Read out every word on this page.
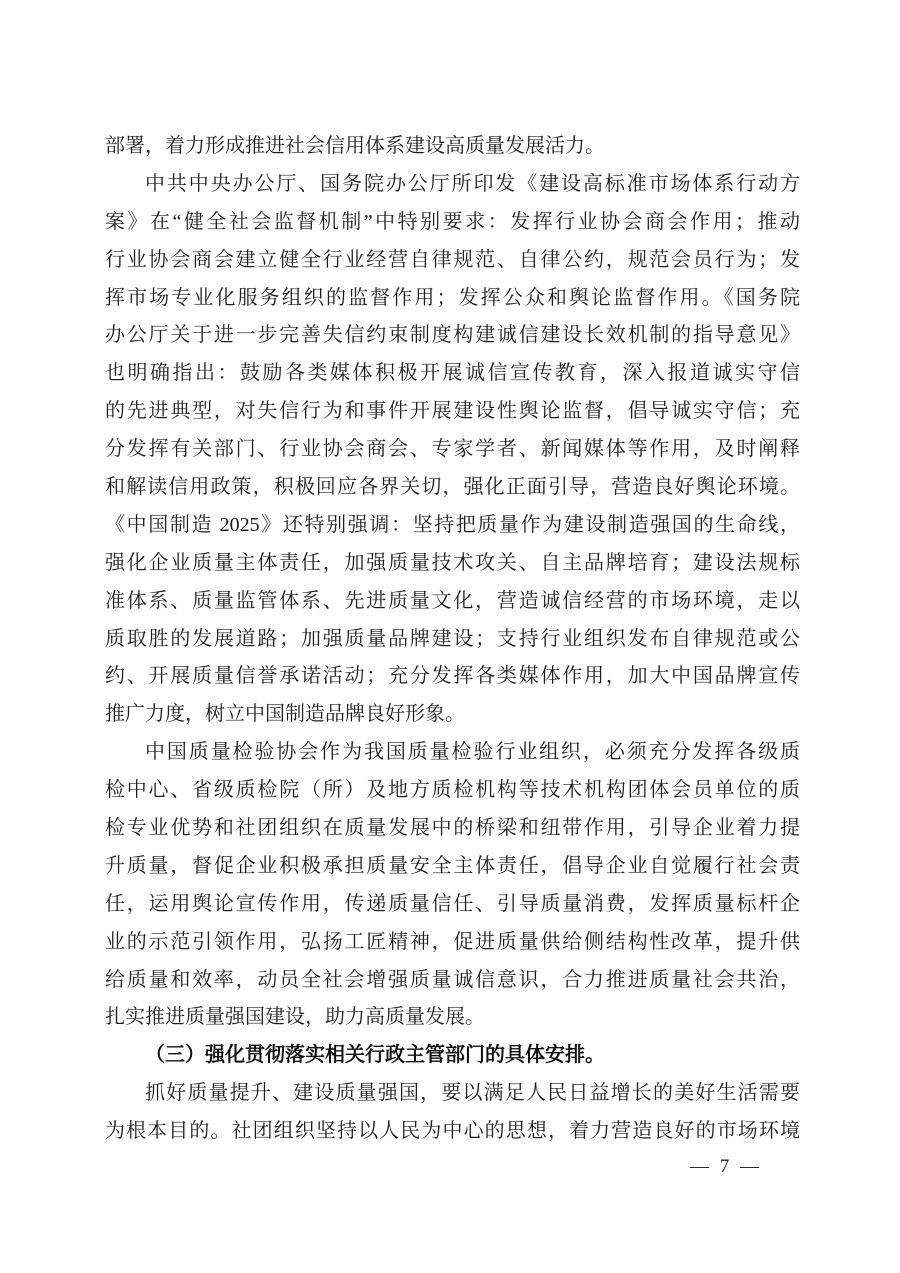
部署，着力形成推进社会信用体系建设高质量发展活力。
中共中央办公厅、国务院办公厅所印发《建设高标准市场体系行动方
案》在“健全社会监督机制”中特别要求：发挥行业协会商会作用；推动
行业协会商会建立健全行业经营自律规范、自律公约，规范会员行为；发
挥市场专业化服务组织的监督作用；发挥公众和舆论监督作用。《国务院
办公厅关于进一步完善失信约束制度构建诚信建设长效机制的指导意见》
也明确指出：鼓励各类媒体积极开展诚信宣传教育，深入报道诚实守信
的先进典型，对失信行为和事件开展建设性舆论监督，倡导诚实守信；充
分发挥有关部门、行业协会商会、专家学者、新闻媒体等作用，及时阐释
和解读信用政策，积极回应各界关切，强化正面引导，营造良好舆论环境。
《中国制造 2025》还特别强调：坚持把质量作为建设制造强国的生命线，
强化企业质量主体责任，加强质量技术攻关、自主品牌培育；建设法规标
准体系、质量监管体系、先进质量文化，营造诚信经营的市场环境，走以
质取胜的发展道路；加强质量品牌建设；支持行业组织发布自律规范或公
约、开展质量信誉承诺活动；充分发挥各类媒体作用，加大中国品牌宣传
推广力度，树立中国制造品牌良好形象。
中国质量检验协会作为我国质量检验行业组织，必须充分发挥各级质
检中心、省级质检院（所）及地方质检机构等技术机构团体会员单位的质
检专业优势和社团组织在质量发展中的桥梁和纽带作用，引导企业着力提
升质量，督促企业积极承担质量安全主体责任，倡导企业自觉履行社会责
任，运用舆论宣传作用，传递质量信任、引导质量消费，发挥质量标杆企
业的示范引领作用，弘扬工匠精神，促进质量供给侧结构性改革，提升供
给质量和效率，动员全社会增强质量诚信意识，合力推进质量社会共治，
扎实推进质量强国建设，助力高质量发展。
（三）强化贯彻落实相关行政主管部门的具体安排。
抓好质量提升、建设质量强国，要以满足人民日益增长的美好生活需要
为根本目的。社团组织坚持以人民为中心的思想，着力营造良好的市场环境
— 7 —
